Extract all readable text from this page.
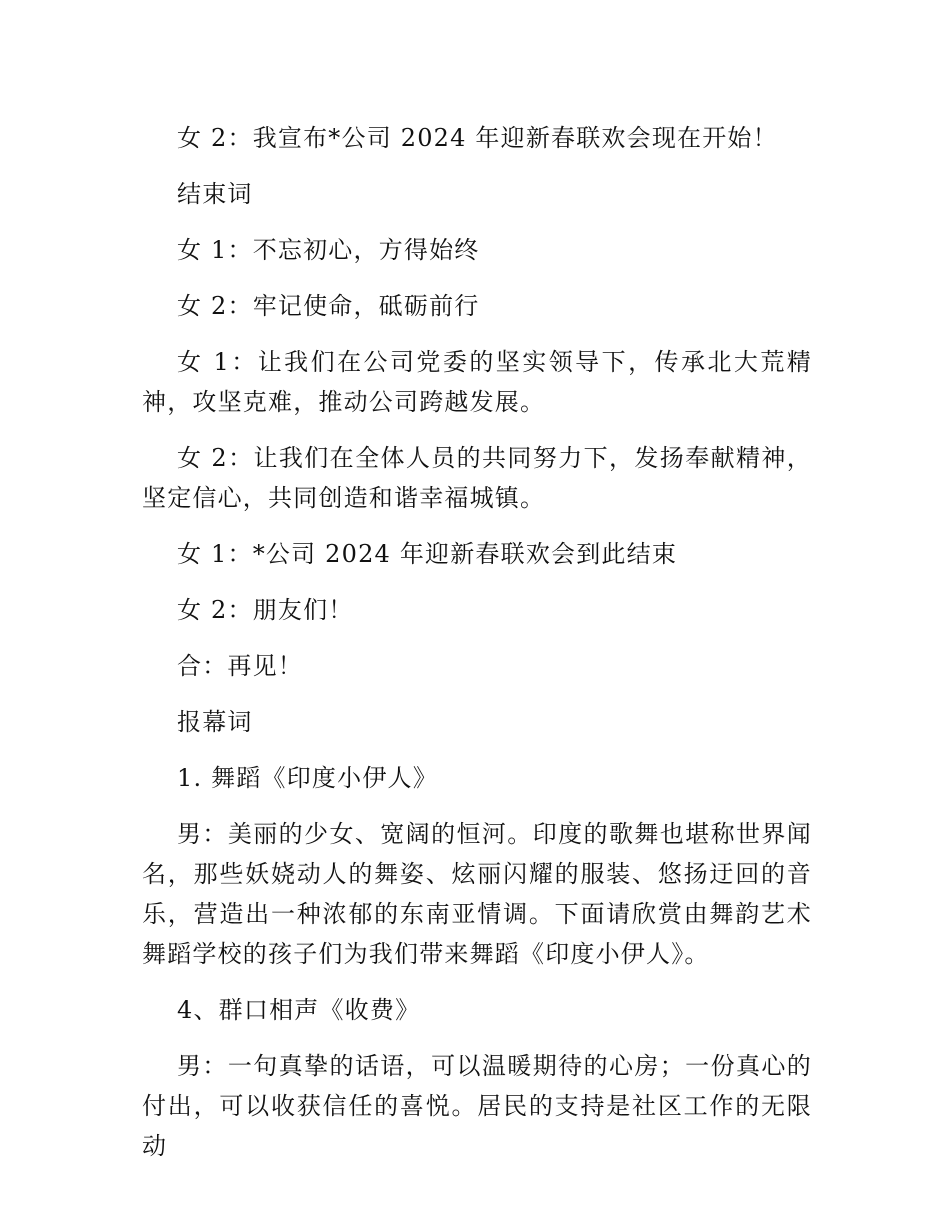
女 2：我宣布*公司 2024 年迎新春联欢会现在开始！

结束词

女 1：不忘初心，方得始终

女 2：牢记使命，砥砺前行

女 1：让我们在公司党委的坚实领导下，传承北大荒精神，攻坚克难，推动公司跨越发展。

女 2：让我们在全体人员的共同努力下，发扬奉献精神，坚定信心，共同创造和谐幸福城镇。

女 1：*公司 2024 年迎新春联欢会到此结束

女 2：朋友们！

合：再见！

报幕词

1. 舞蹈《印度小伊人》

男：美丽的少女、宽阔的恒河。印度的歌舞也堪称世界闻名，那些妖娆动人的舞姿、炫丽闪耀的服装、悠扬迂回的音乐，营造出一种浓郁的东南亚情调。下面请欣赏由舞韵艺术舞蹈学校的孩子们为我们带来舞蹈《印度小伊人》。

4、群口相声《收费》

男：一句真挚的话语，可以温暖期待的心房；一份真心的付出，可以收获信任的喜悦。居民的支持是社区工作的无限动
